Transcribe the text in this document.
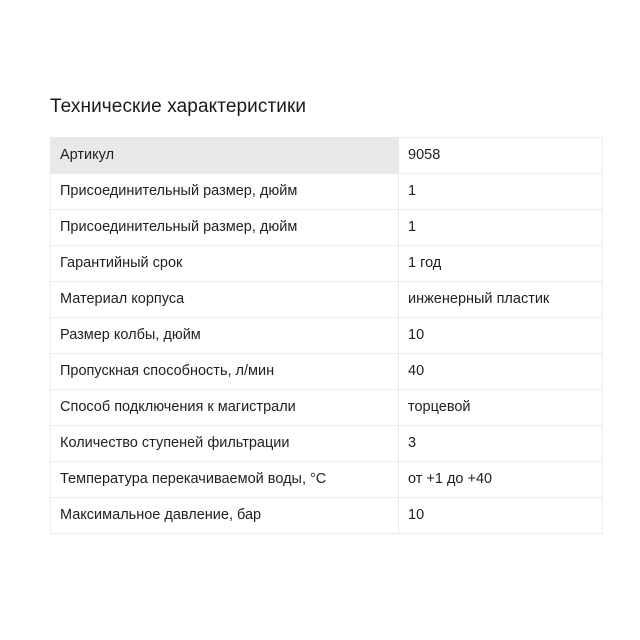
Технические характеристики
Артикул	9058
Присоединительный размер, дюйм	1
Присоединительный размер, дюйм	1
Гарантийный срок	1 год
Материал корпуса	инженерный пластик
Размер колбы, дюйм	10
Пропускная способность, л/мин	40
Способ подключения к магистрали	торцевой
Количество ступеней фильтрации	3
Температура перекачиваемой воды, °С	от +1 до +40
Максимальное давление, бар	10
